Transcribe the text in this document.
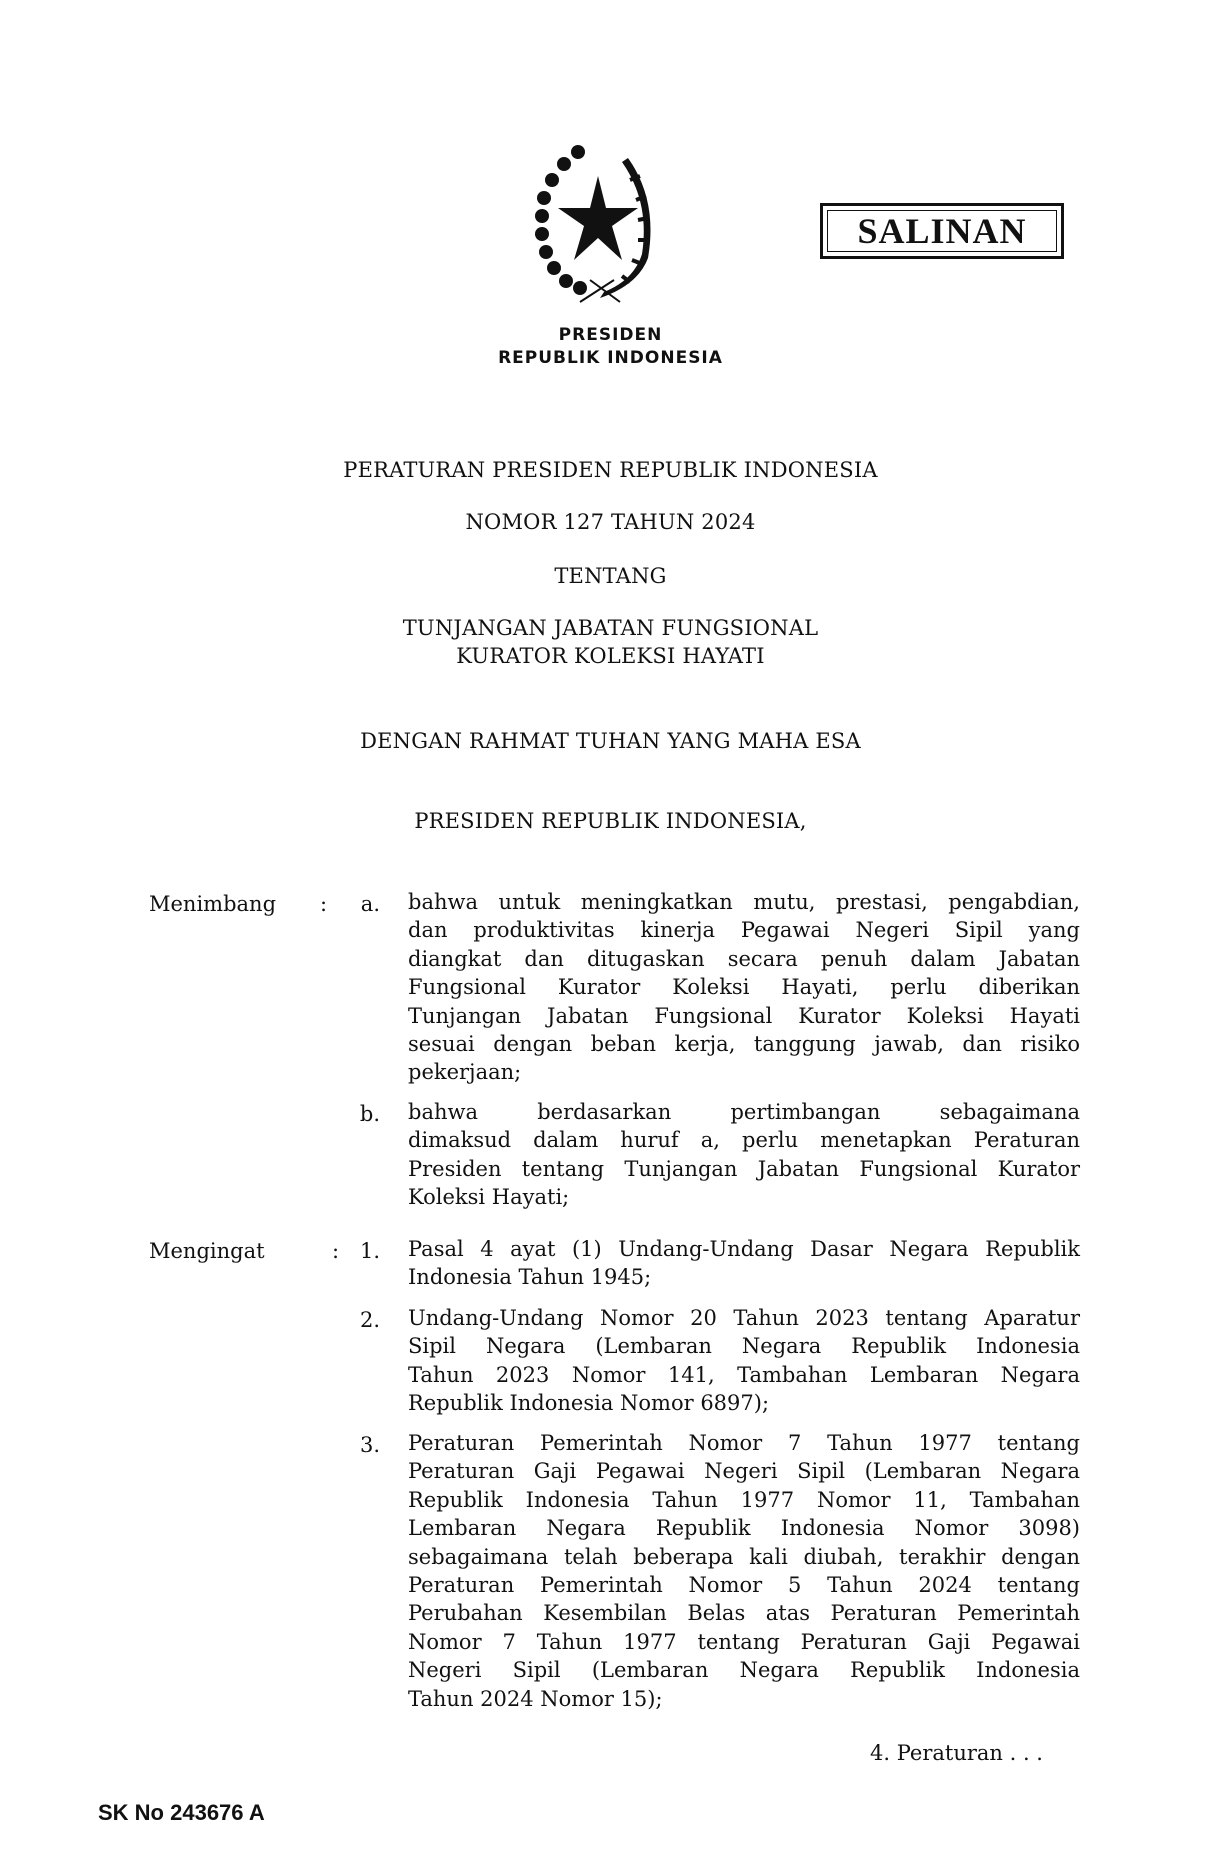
PRESIDEN
REPUBLIK INDONESIA
SALINAN
PERATURAN PRESIDEN REPUBLIK INDONESIA
NOMOR 127 TAHUN 2024
TENTANG
TUNJANGAN JABATAN FUNGSIONAL
KURATOR KOLEKSI HAYATI
DENGAN RAHMAT TUHAN YANG MAHA ESA
PRESIDEN REPUBLIK INDONESIA,
Menimbang :	a. bahwa untuk meningkatkan mutu, prestasi, pengabdian,
dan produktivitas kinerja Pegawai Negeri Sipil yang
diangkat dan ditugaskan secara penuh dalam Jabatan
Fungsional Kurator Koleksi Hayati, perlu diberikan
Tunjangan Jabatan Fungsional Kurator Koleksi Hayati
sesuai dengan beban kerja, tanggung jawab, dan risiko
pekerjaan;
b. bahwa berdasarkan pertimbangan sebagaimana
dimaksud dalam huruf a, perlu menetapkan Peraturan
Presiden tentang Tunjangan Jabatan Fungsional Kurator
Koleksi Hayati;
Mengingat	: 1. Pasal 4 ayat (1) Undang-Undang Dasar Negara Republik
Indonesia Tahun 1945;
2. Undang-Undang Nomor 20 Tahun 2023 tentang Aparatur
Sipil Negara (Lembaran Negara Republik Indonesia
Tahun 2023 Nomor 141, Tambahan Lembaran Negara
Republik Indonesia Nomor 6897);
3. Peraturan Pemerintah Nomor 7 Tahun 1977 tentang
Peraturan Gaji Pegawai Negeri Sipil (Lembaran Negara
Republik Indonesia Tahun 1977 Nomor 11, Tambahan
Lembaran Negara Republik Indonesia Nomor 3098)
sebagaimana telah beberapa kali diubah, terakhir dengan
Peraturan Pemerintah Nomor 5 Tahun 2024 tentang
Perubahan Kesembilan Belas atas Peraturan Pemerintah
Nomor 7 Tahun 1977 tentang Peraturan Gaji Pegawai
Negeri Sipil (Lembaran Negara Republik Indonesia
Tahun 2024 Nomor 15);
4. Peraturan . . .
SK No 243676 A
